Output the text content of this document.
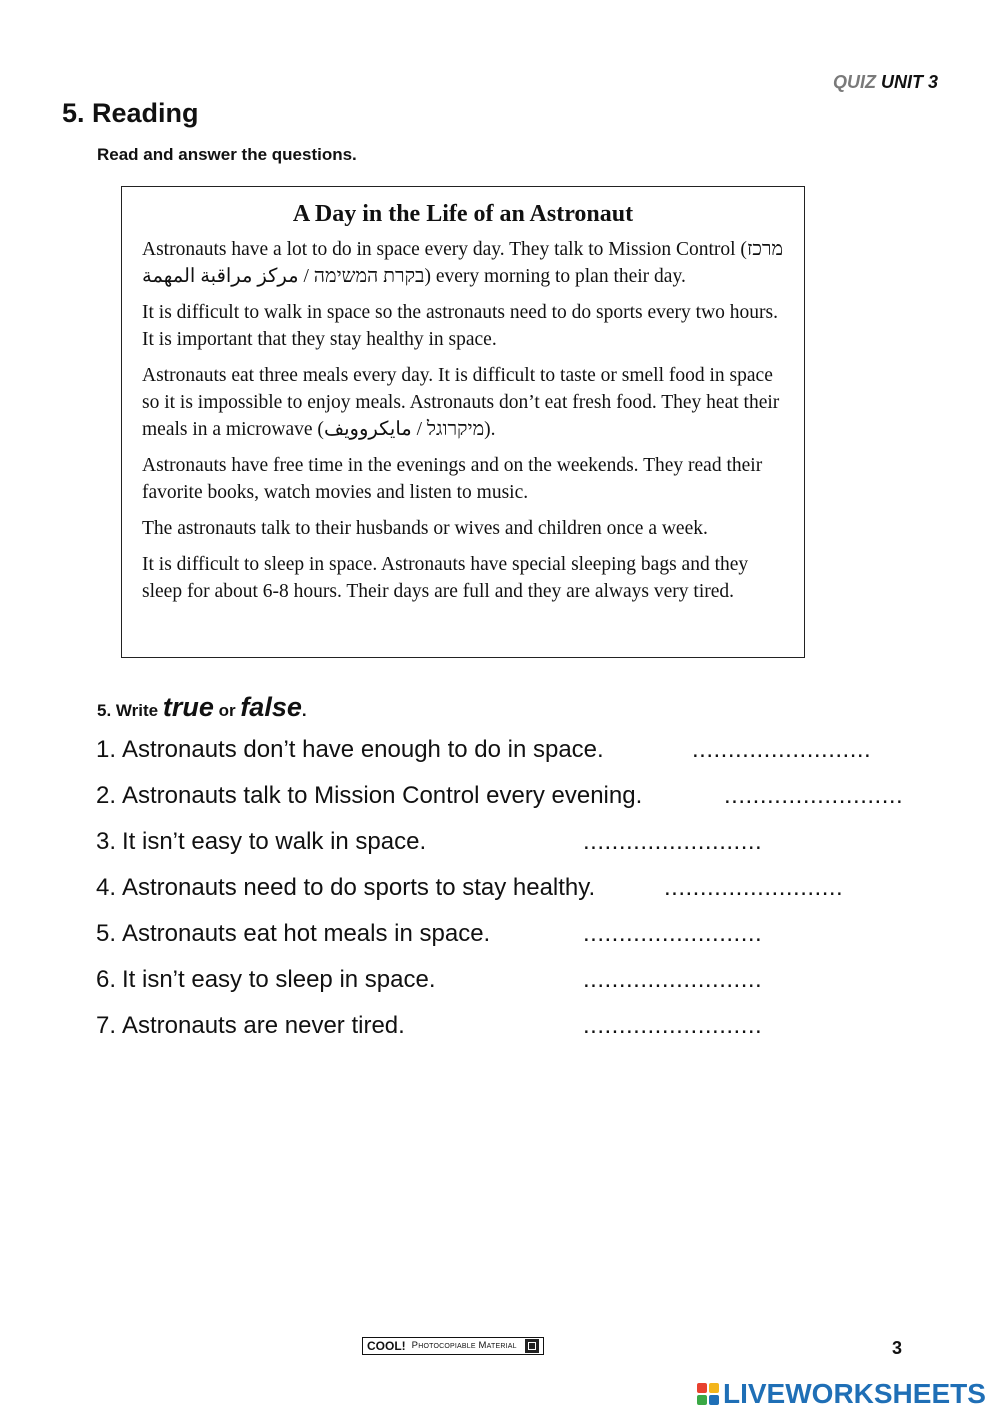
QUIZ UNIT 3
5. Reading
Read and answer the questions.
A Day in the Life of an Astronaut

Astronauts have a lot to do in space every day. They talk to Mission Control (מרכז בקרת המשימה / مركز مراقبة المهمة) every morning to plan their day.

It is difficult to walk in space so the astronauts need to do sports every two hours. It is important that they stay healthy in space.

Astronauts eat three meals every day. It is difficult to taste or smell food in space so it is impossible to enjoy meals. Astronauts don’t eat fresh food. They heat their meals in a microwave (מיקרוגל / مايكروويف).

Astronauts have free time in the evenings and on the weekends. They read their favorite books, watch movies and listen to music.

The astronauts talk to their husbands or wives and children once a week.

It is difficult to sleep in space. Astronauts have special sleeping bags and they sleep for about 6-8 hours. Their days are full and they are always very tired.

5. Write true or false.
1. Astronauts don’t have enough to do in space.	.........................
2. Astronauts talk to Mission Control every evening.	.........................
3. It isn’t easy to walk in space.	.........................
4. Astronauts need to do sports to stay healthy.	.........................
5. Astronauts eat hot meals in space.	.........................
6. It isn’t easy to sleep in space.	.........................
7. Astronauts are never tired.	.........................
COOL! Photocopiable Material	3
LIVEWORKSHEETS
